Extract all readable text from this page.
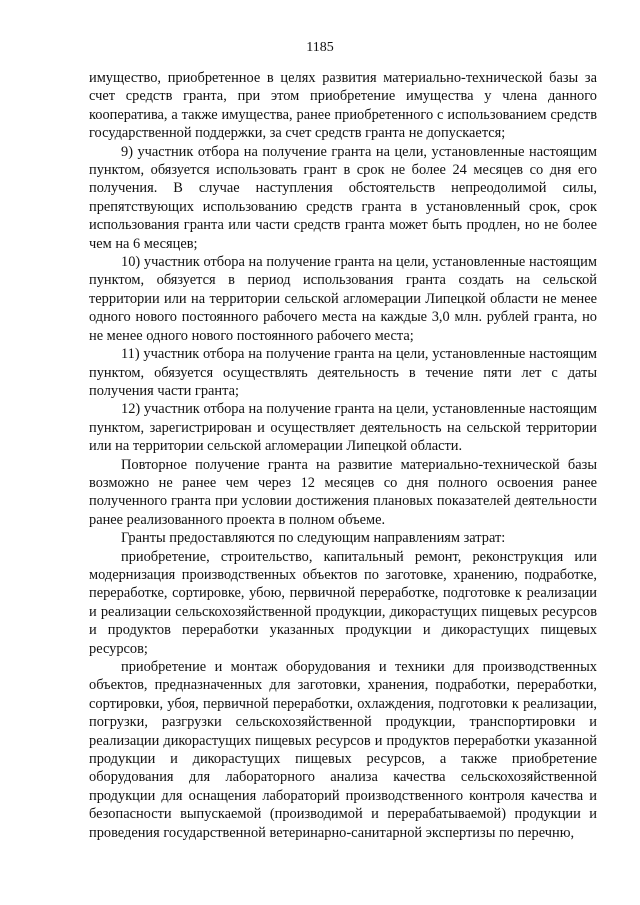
1185

имущество, приобретенное в целях развития материально-технической базы за счет средств гранта, при этом приобретение имущества у члена данного кооператива, а также имущества, ранее приобретенного с использованием средств государственной поддержки, за счет средств гранта не допускается;

9) участник отбора на получение гранта на цели, установленные настоящим пунктом, обязуется использовать грант в срок не более 24 месяцев со дня его получения. В случае наступления обстоятельств непреодолимой силы, препятствующих использованию средств гранта в установленный срок, срок использования гранта или части средств гранта может быть продлен, но не более чем на 6 месяцев;

10) участник отбора на получение гранта на цели, установленные настоящим пунктом, обязуется в период использования гранта создать на сельской территории или на территории сельской агломерации Липецкой области не менее одного нового постоянного рабочего места на каждые 3,0 млн. рублей гранта, но не менее одного нового постоянного рабочего места;

11) участник отбора на получение гранта на цели, установленные настоящим пунктом, обязуется осуществлять деятельность в течение пяти лет с даты получения части гранта;

12) участник отбора на получение гранта на цели, установленные настоящим пунктом, зарегистрирован и осуществляет деятельность на сельской территории или на территории сельской агломерации Липецкой области.

Повторное получение гранта на развитие материально-технической базы возможно не ранее чем через 12 месяцев со дня полного освоения ранее полученного гранта при условии достижения плановых показателей деятельности ранее реализованного проекта в полном объеме.

Гранты предоставляются по следующим направлениям затрат:

приобретение, строительство, капитальный ремонт, реконструкция или модернизация производственных объектов по заготовке, хранению, подработке, переработке, сортировке, убою, первичной переработке, подготовке к реализации и реализации сельскохозяйственной продукции, дикорастущих пищевых ресурсов и продуктов переработки указанных продукции и дикорастущих пищевых ресурсов;

приобретение и монтаж оборудования и техники для производственных объектов, предназначенных для заготовки, хранения, подработки, переработки, сортировки, убоя, первичной переработки, охлаждения, подготовки к реализации, погрузки, разгрузки сельскохозяйственной продукции, транспортировки и реализации дикорастущих пищевых ресурсов и продуктов переработки указанной продукции и дикорастущих пищевых ресурсов, а также приобретение оборудования для лабораторного анализа качества сельскохозяйственной продукции для оснащения лабораторий производственного контроля качества и безопасности выпускаемой (производимой и перерабатываемой) продукции и проведения государственной ветеринарно-санитарной экспертизы по перечню,
